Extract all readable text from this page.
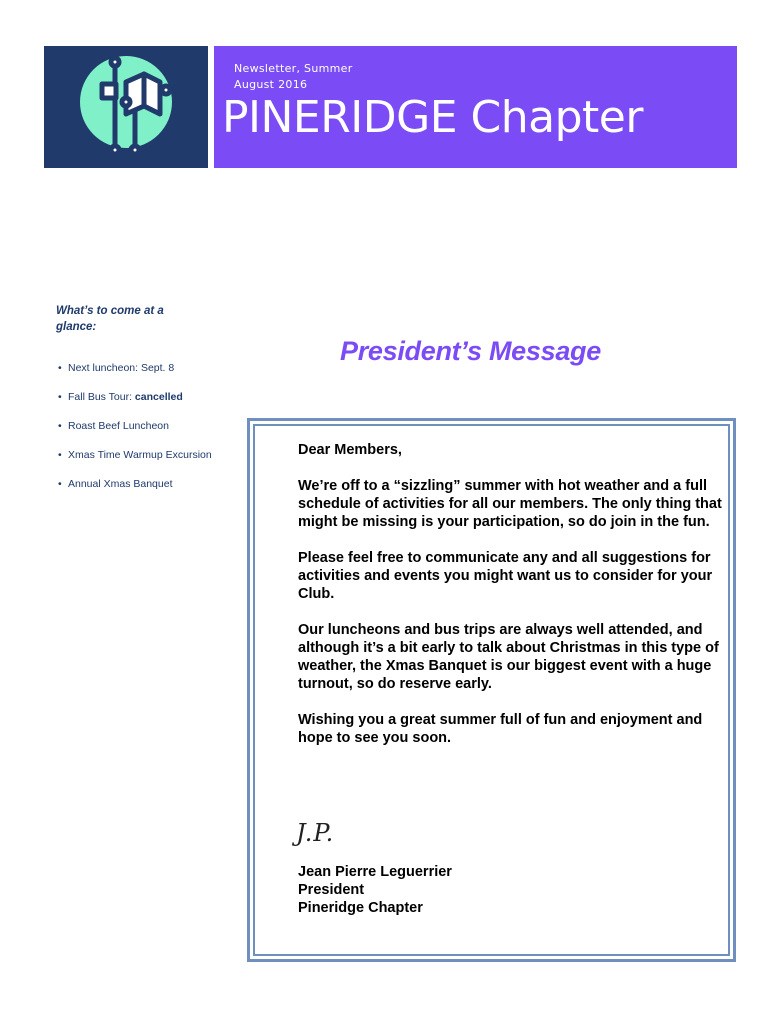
Newsletter, Summer
August 2016
PINERIDGE Chapter
What’s to come at a
glance:
• Next luncheon: Sept. 8
• Fall Bus Tour: cancelled
• Roast Beef Luncheon
• Xmas Time Warmup Excursion
• Annual Xmas Banquet
President’s Message

Dear Members,

We’re off to a “sizzling” summer with hot weather and a full schedule of activities for all our members. The only thing that might be missing is your participation, so do join in the fun.

Please feel free to communicate any and all suggestions for activities and events you might want us to consider for your Club.

Our luncheons and bus trips are always well attended, and although it’s a bit early to talk about Christmas in this type of weather, the Xmas Banquet is our biggest event with a huge turnout, so do reserve early.

Wishing you a great summer full of fun and enjoyment and hope to see you soon.

J.P.
Jean Pierre Leguerrier
President
Pineridge Chapter
